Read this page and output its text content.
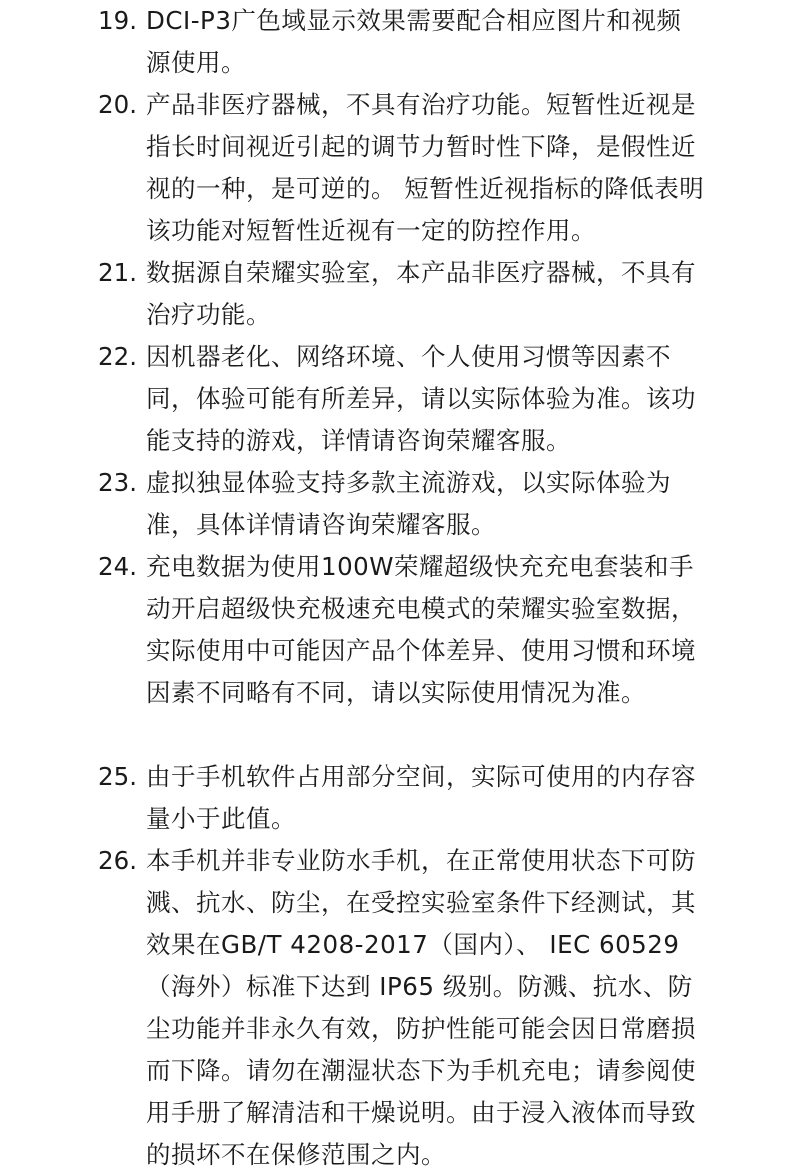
19. DCI-P3广色域显示效果需要配合相应图片和视频源使用。
20. 产品非医疗器械，不具有治疗功能。短暂性近视是指长时间视近引起的调节力暂时性下降，是假性近视的一种，是可逆的。 短暂性近视指标的降低表明该功能对短暂性近视有一定的防控作用。
21. 数据源自荣耀实验室，本产品非医疗器械，不具有治疗功能。
22. 因机器老化、网络环境、个人使用习惯等因素不同，体验可能有所差异，请以实际体验为准。该功能支持的游戏，详情请咨询荣耀客服。
23. 虚拟独显体验支持多款主流游戏，以实际体验为准，具体详情请咨询荣耀客服。
24. 充电数据为使用100W荣耀超级快充充电套装和手动开启超级快充极速充电模式的荣耀实验室数据，实际使用中可能因产品个体差异、使用习惯和环境因素不同略有不同，请以实际使用情况为准。
25. 由于手机软件占用部分空间，实际可使用的内存容量小于此值。
26. 本手机并非专业防水手机，在正常使用状态下可防溅、抗水、防尘，在受控实验室条件下经测试，其效果在GB/T 4208-2017（国内）、 IEC 60529（海外）标准下达到 IP65 级别。防溅、抗水、防尘功能并非永久有效，防护性能可能会因日常磨损而下降。请勿在潮湿状态下为手机充电；请参阅使用手册了解清洁和干燥说明。由于浸入液体而导致的损坏不在保修范围之内。
